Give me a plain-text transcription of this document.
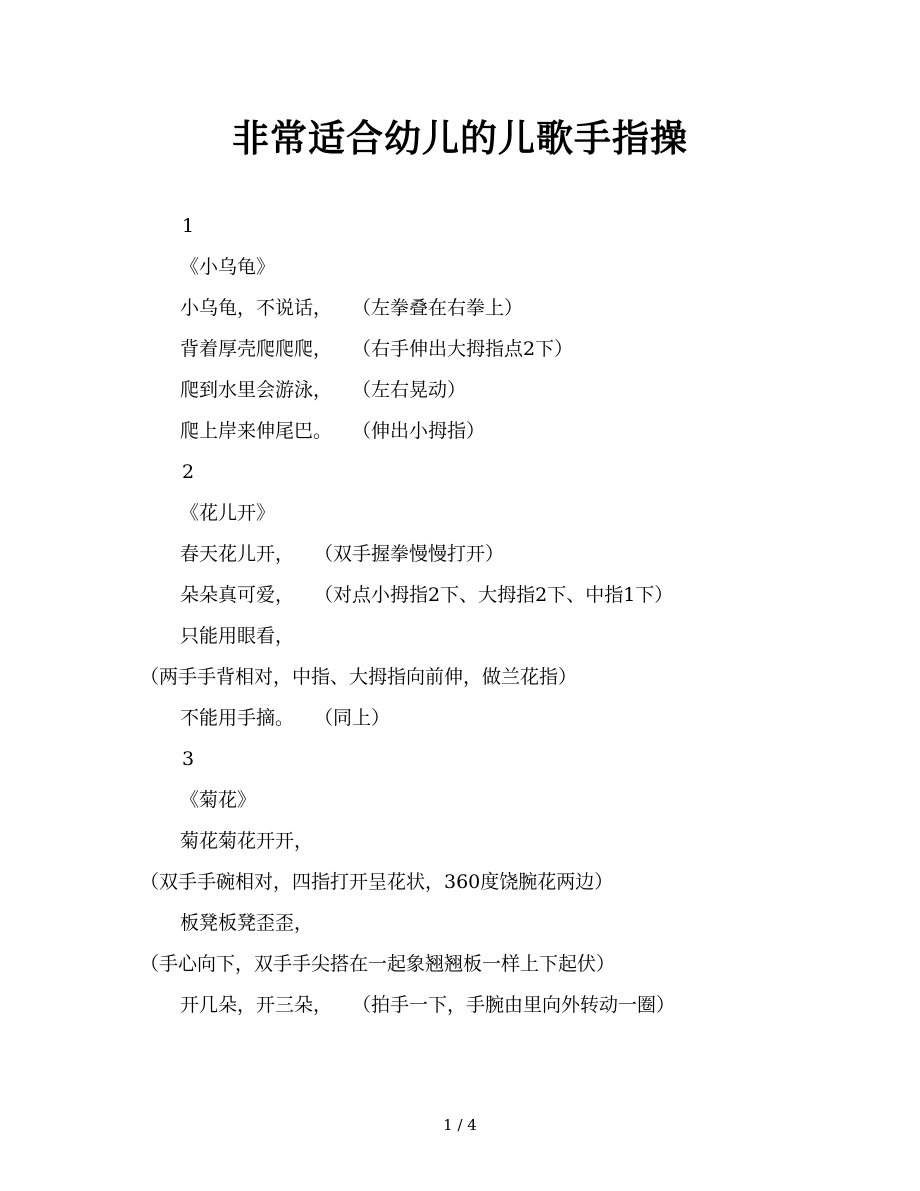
非常适合幼儿的儿歌手指操
1
《小乌龟》
小乌龟，不说话， （左拳叠在右拳上）
背着厚壳爬爬爬， （右手伸出大拇指点2下）
爬到水里会游泳， （左右晃动）
爬上岸来伸尾巴。 （伸出小拇指）
2
《花儿开》
春天花儿开， （双手握拳慢慢打开）
朵朵真可爱， （对点小拇指2下、大拇指2下、中指1下）
只能用眼看，
（两手手背相对，中指、大拇指向前伸，做兰花指）
不能用手摘。 （同上）
3
《菊花》
菊花菊花开开，
（双手手碗相对，四指打开呈花状，360度饶腕花两边）
板凳板凳歪歪，
（手心向下，双手手尖搭在一起象翘翘板一样上下起伏）
开几朵，开三朵， （拍手一下，手腕由里向外转动一圈）
1 / 4
